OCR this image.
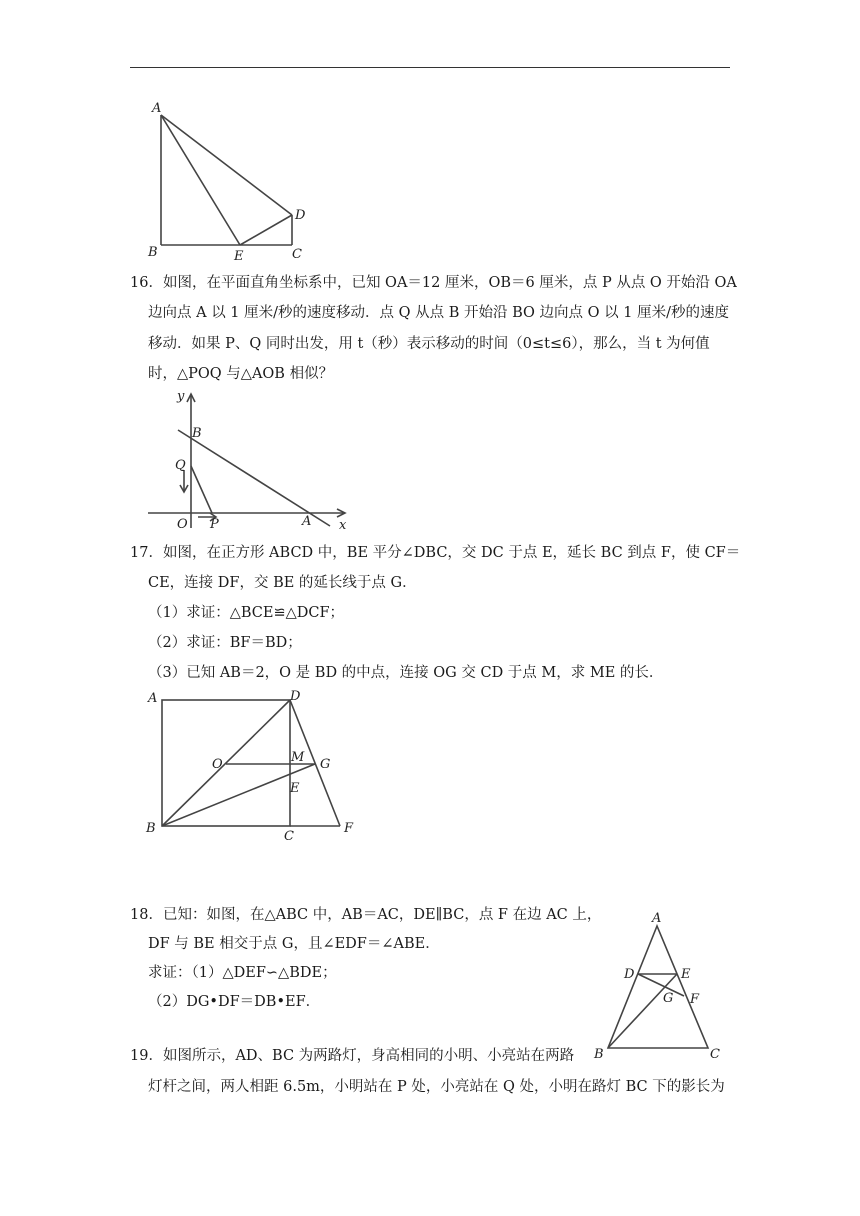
A
B	E	C
D
16．如图，在平面直角坐标系中，已知 OA＝12 厘米，OB＝6 厘米，点 P 从点 O 开始沿 OA
边向点 A 以 1 厘米/秒的速度移动．点 Q 从点 B 开始沿 BO 边向点 O 以 1 厘米/秒的速度
移动．如果 P、Q 同时出发，用 t（秒）表示移动的时间（0≤t≤6），那么，当 t 为何值
时，△POQ 与△AOB 相似？
y
B
Q
O P	A x
17．如图，在正方形 ABCD 中，BE 平分∠DBC，交 DC 于点 E，延长 BC 到点 F，使 CF＝
CE，连接 DF，交 BE 的延长线于点 G．
（1）求证：△BCE≌△DCF；
（2）求证：BF＝BD；
（3）已知 AB＝2，O 是 BD 的中点，连接 OG 交 CD 于点 M，求 ME 的长．
A	D
O	M G
E
B
C
F
18．已知：如图，在△ABC 中，AB＝AC，DE∥BC，点 F 在边 AC 上，
DF 与 BE 相交于点 G，且∠EDF＝∠ABE．
求证：（1）△DEF∽△BDE；
（2）DG•DF＝DB•EF．
A
D	E
G F
B	C
19．如图所示，AD、BC 为两路灯，身高相同的小明、小亮站在两路
灯杆之间，两人相距 6.5m，小明站在 P 处，小亮站在 Q 处，小明在路灯 BC 下的影长为
